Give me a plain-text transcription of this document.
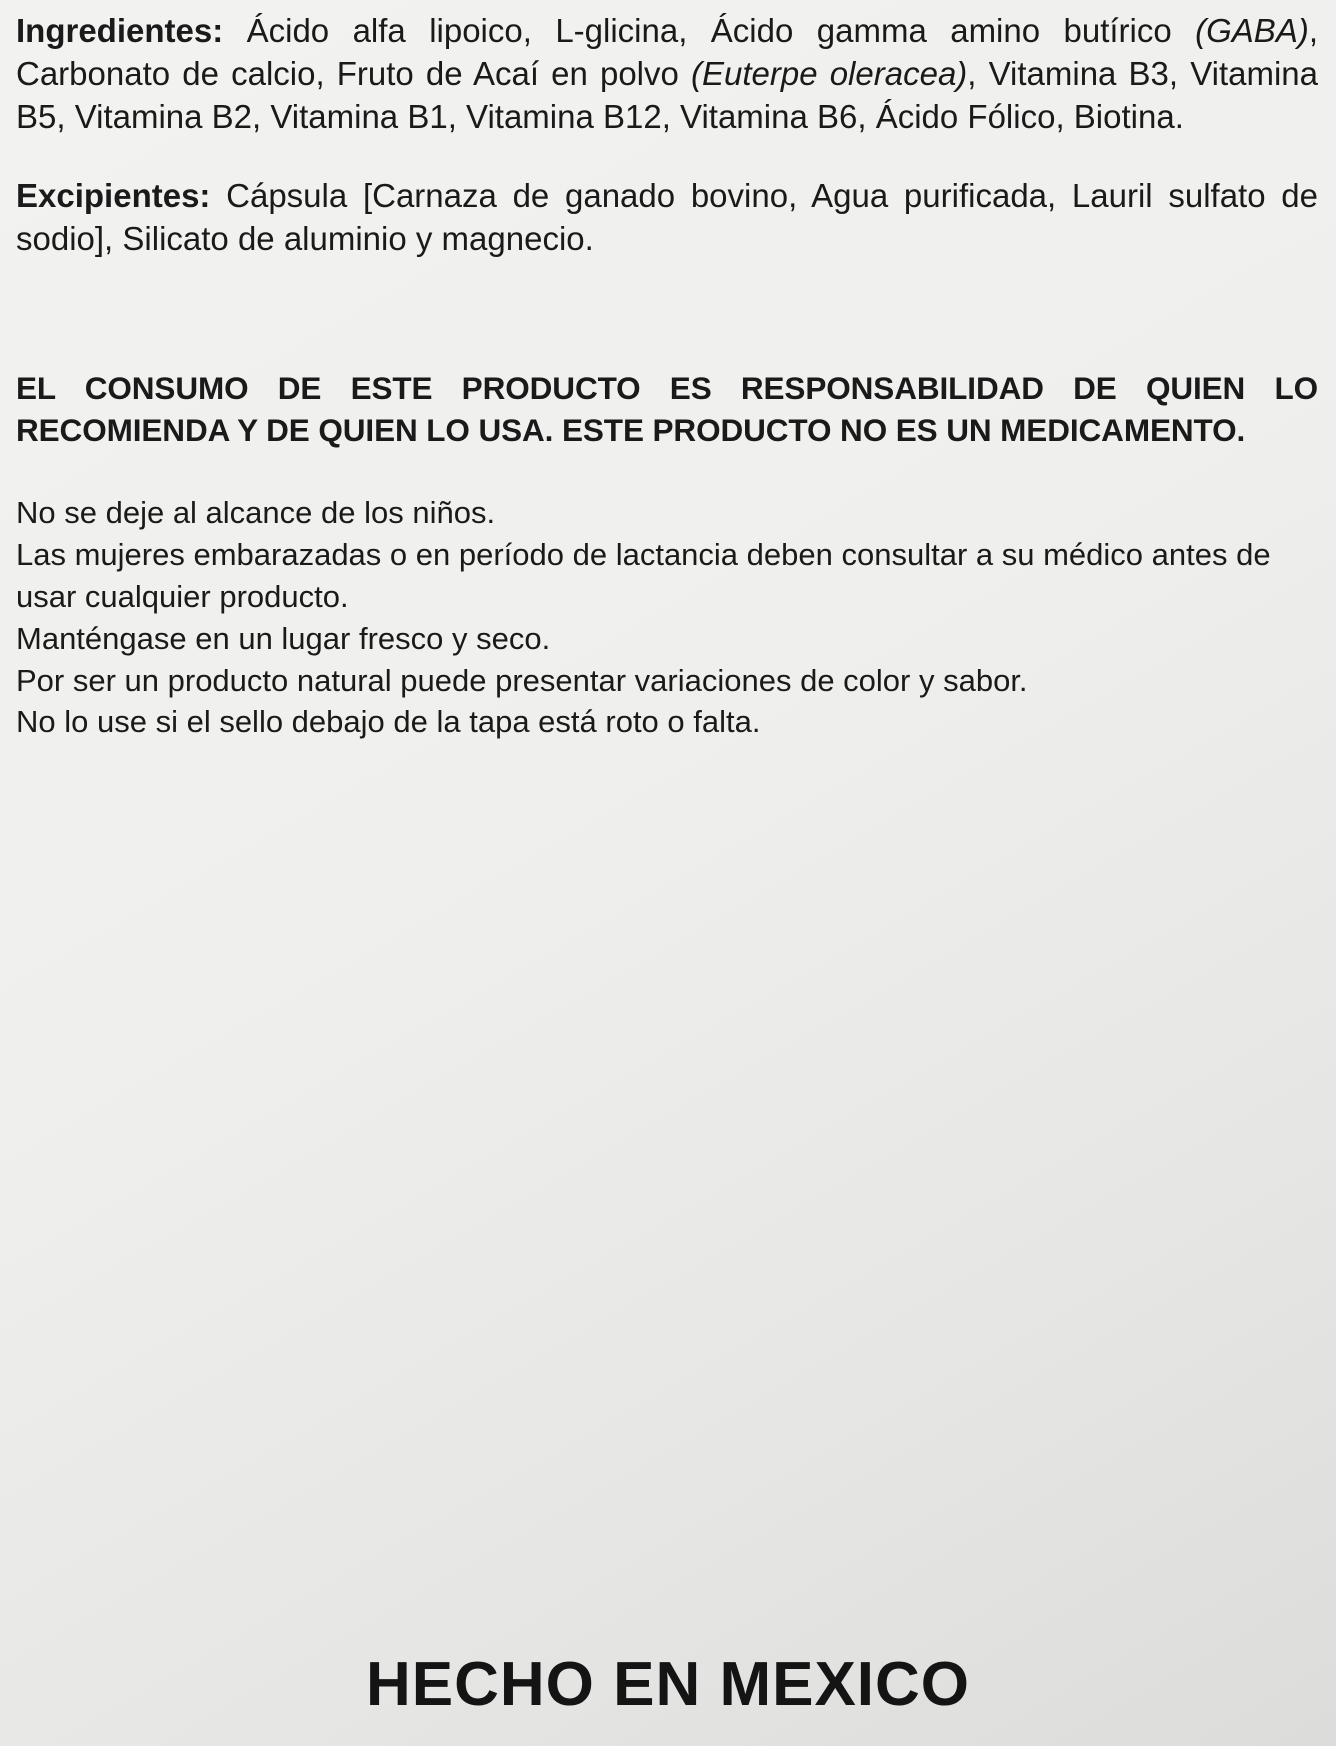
Ingredientes: Ácido alfa lipoico, L-glicina, Ácido gamma amino butírico (GABA), Carbonato de calcio, Fruto de Acaí en polvo (Euterpe oleracea), Vitamina B3, Vitamina B5, Vitamina B2, Vitamina B1, Vitamina B12, Vitamina B6, Ácido Fólico, Biotina.

Excipientes: Cápsula [Carnaza de ganado bovino, Agua purificada, Lauril sulfato de sodio], Silicato de aluminio y magnecio.

EL CONSUMO DE ESTE PRODUCTO ES RESPONSABILIDAD DE QUIEN LO RECOMIENDA Y DE QUIEN LO USA. ESTE PRODUCTO NO ES UN MEDICAMENTO.

No se deje al alcance de los niños.

Las mujeres embarazadas o en período de lactancia deben consultar a su médico antes de usar cualquier producto.

Manténgase en un lugar fresco y seco.

Por ser un producto natural puede presentar variaciones de color y sabor.

No lo use si el sello debajo de la tapa está roto o falta.

HECHO EN MEXICO
